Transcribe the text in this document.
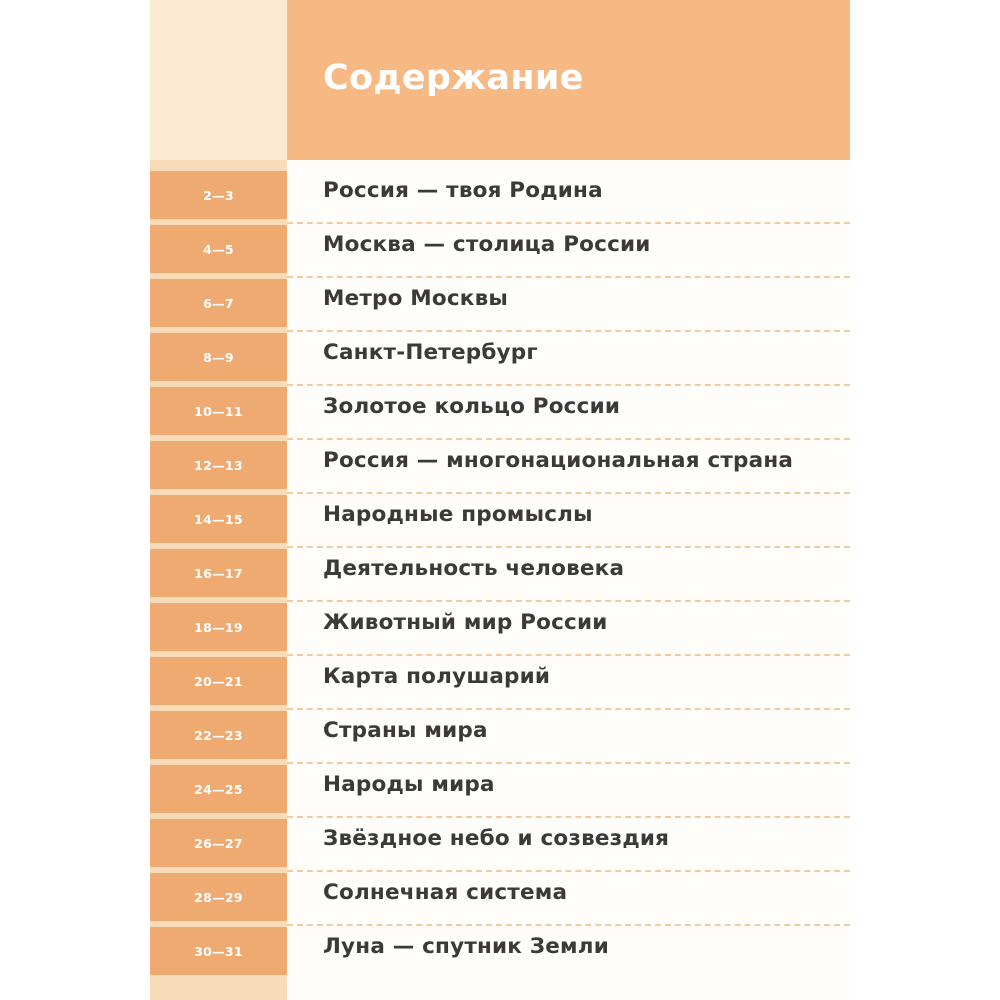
Содержание
2—3	Россия — твоя Родина
4—5	Москва — столица России
6—7	Метро Москвы
8—9	Санкт-Петербург
10—11	Золотое кольцо России
12—13	Россия — многонациональная страна
14—15	Народные промыслы
16—17	Деятельность человека
18—19	Животный мир России
20—21	Карта полушарий
22—23	Страны мира
24—25	Народы мира
26—27	Звёздное небо и созвездия
28—29	Солнечная система
30—31	Луна — спутник Земли
